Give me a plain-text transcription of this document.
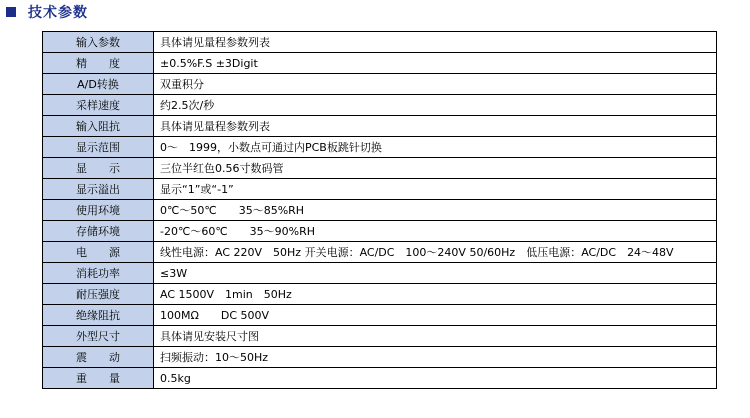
技术参数
输入参数	具体请见量程参数列表
精　　度	±0.5%F.S ±3Digit
A/D转换	双重积分
采样速度	约2.5次/秒
输入阻抗	具体请见量程参数列表
显示范围	0～　1999，小数点可通过内PCB板跳针切换
显　　示	三位半红色0.56寸数码管
显示溢出	显示“1”或“-1”
使用环境	0℃～50℃　　35～85%RH
存储环境	-20℃～60℃　　35～90%RH
电　　源	线性电源：AC 220V　50Hz 开关电源：AC/DC　100～240V 50/60Hz　低压电源：AC/DC　24～48V
消耗功率	≤3W
耐压强度	AC 1500V　1min　50Hz
绝缘阻抗	100MΩ　　DC 500V
外型尺寸	具体请见安装尺寸图
震　　动	扫频振动：10～50Hz
重　　量	0.5kg
